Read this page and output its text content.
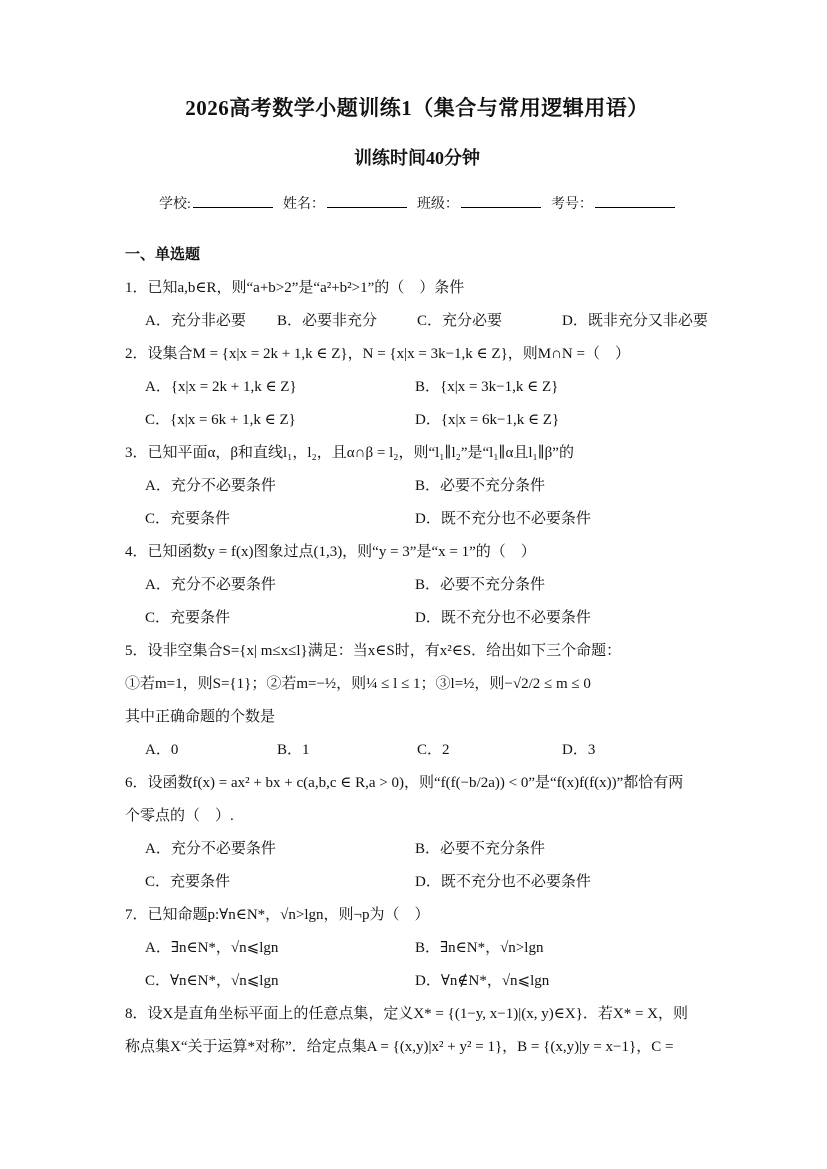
2026高考数学小题训练1（集合与常用逻辑用语）
训练时间40分钟
学校:	姓名：	班级：	考号：
一、单选题
1．已知a,b∈R，则“a+b>2”是“a²+b²>1”的（　）条件
A．充分非必要	B．必要非充分	C．充分必要	D．既非充分又非必要
2．设集合M = {x|x = 2k + 1,k ∈ Z}，N = {x|x = 3k−1,k ∈ Z}，则M∩N =（　）
A．{x|x = 2k + 1,k ∈ Z}	B．{x|x = 3k−1,k ∈ Z}
C．{x|x = 6k + 1,k ∈ Z}	D．{x|x = 6k−1,k ∈ Z}
3．已知平面α，β和直线l₁，l₂，且α∩β = l₂，则“l₁∥l₂”是“l₁∥α且l₁∥β”的
A．充分不必要条件	B．必要不充分条件
C．充要条件	D．既不充分也不必要条件
4．已知函数y = f(x)图象过点(1,3)，则“y = 3”是“x = 1”的（　）
A．充分不必要条件	B．必要不充分条件
C．充要条件	D．既不充分也不必要条件
5．设非空集合S={x| m≤x≤l}满足：当x∈S时，有x²∈S．给出如下三个命题：
①若m=1，则S={1}；②若m=−½，则¼ ≤ l ≤ 1；③l=½，则−√2/2 ≤ m ≤ 0
其中正确命题的个数是
A．0	B．1	C．2	D．3
6．设函数f(x) = ax² + bx + c(a,b,c ∈ R,a > 0)，则“f(f(−b/2a)) < 0”是“f(x)f(f(x))”都恰有两
个零点的（　）.
A．充分不必要条件	B．必要不充分条件
C．充要条件	D．既不充分也不必要条件
7．已知命题p:∀n∈N*，√n>lgn，则¬p为（　）
A．∃n∈N*，√n⩽lgn	B．∃n∈N*，√n>lgn
C．∀n∈N*，√n⩽lgn	D．∀n∉N*，√n⩽lgn
8．设X是直角坐标平面上的任意点集，定义X* = {(1−y, x−1)|(x, y)∈X}．若X* = X，则
称点集X“关于运算*对称”．给定点集A = {(x,y)|x² + y² = 1}，B = {(x,y)|y = x−1}，C =
